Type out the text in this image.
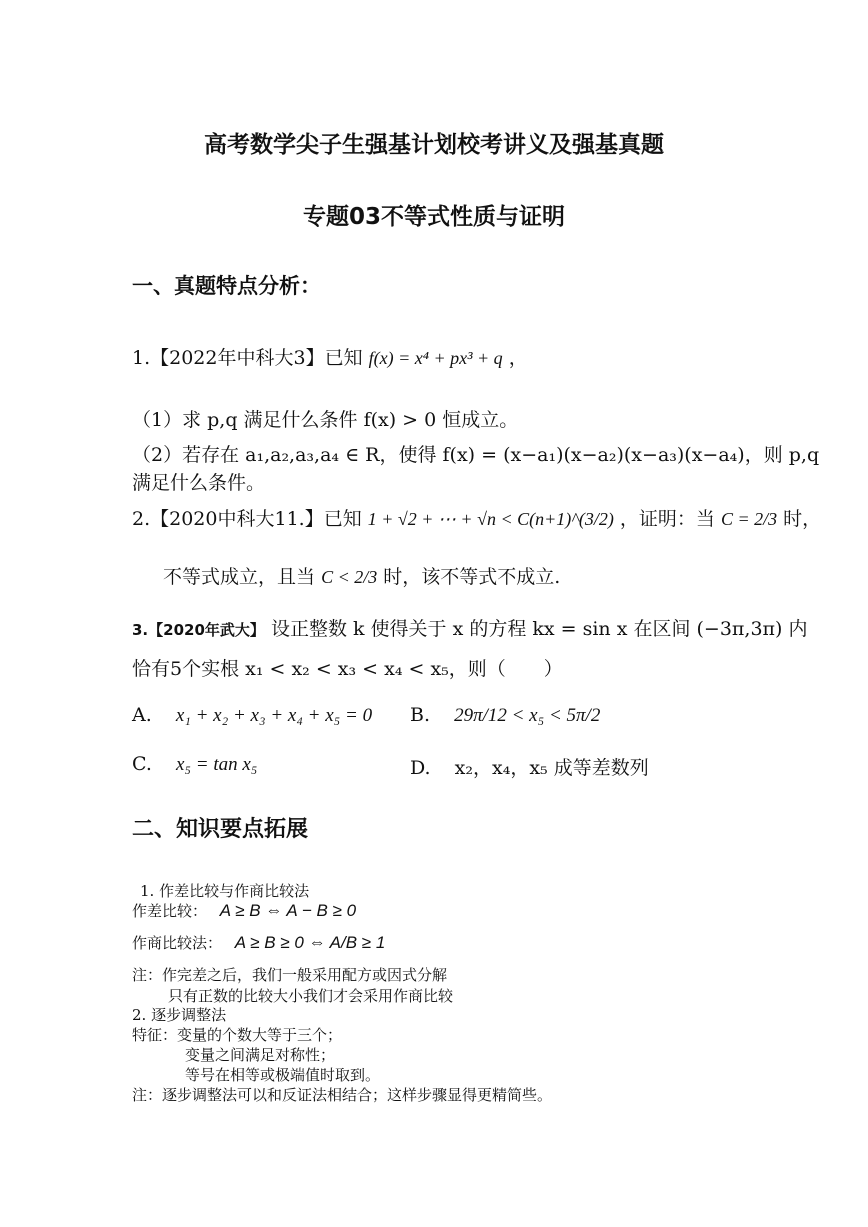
高考数学尖子生强基计划校考讲义及强基真题
专题03不等式性质与证明
一、真题特点分析：
1.【2022年中科大3】已知 f(x) = x⁴ + px³ + q ，
（1）求 p,q 满足什么条件 f(x) > 0 恒成立。
（2）若存在 a₁,a₂,a₃,a₄ ∈ R，使得 f(x) = (x−a₁)(x−a₂)(x−a₃)(x−a₄)，则 p,q
满足什么条件。
2.【2020中科大11.】已知 1 + √2 + ⋯ + √n < C(n+1)^(3/2) ，证明：当 C = 2/3 时，
不等式成立，且当 C < 2/3 时，该不等式不成立.
3.【2020年武大】 设正整数 k 使得关于 x 的方程 kx = sin x 在区间 (−3π,3π) 内
恰有5个实根 x₁ < x₂ < x₃ < x₄ < x₅，则（　　）
A. x₁ + x₂ + x₃ + x₄ + x₅ = 0 B. 29π/12 < x₅ < 5π/2
C. x₅ = tan x₅	D. x₂，x₄，x₅ 成等差数列
二、知识要点拓展
1. 作差比较与作商比较法
作差比较： A ≥ B ⇔ A − B ≥ 0
作商比较法： A ≥ B ≥ 0 ⇔ A/B ≥ 1
注：作完差之后，我们一般采用配方或因式分解
只有正数的比较大小我们才会采用作商比较
2. 逐步调整法
特征：变量的个数大等于三个；
变量之间满足对称性；
等号在相等或极端值时取到。
注：逐步调整法可以和反证法相结合；这样步骤显得更精简些。
